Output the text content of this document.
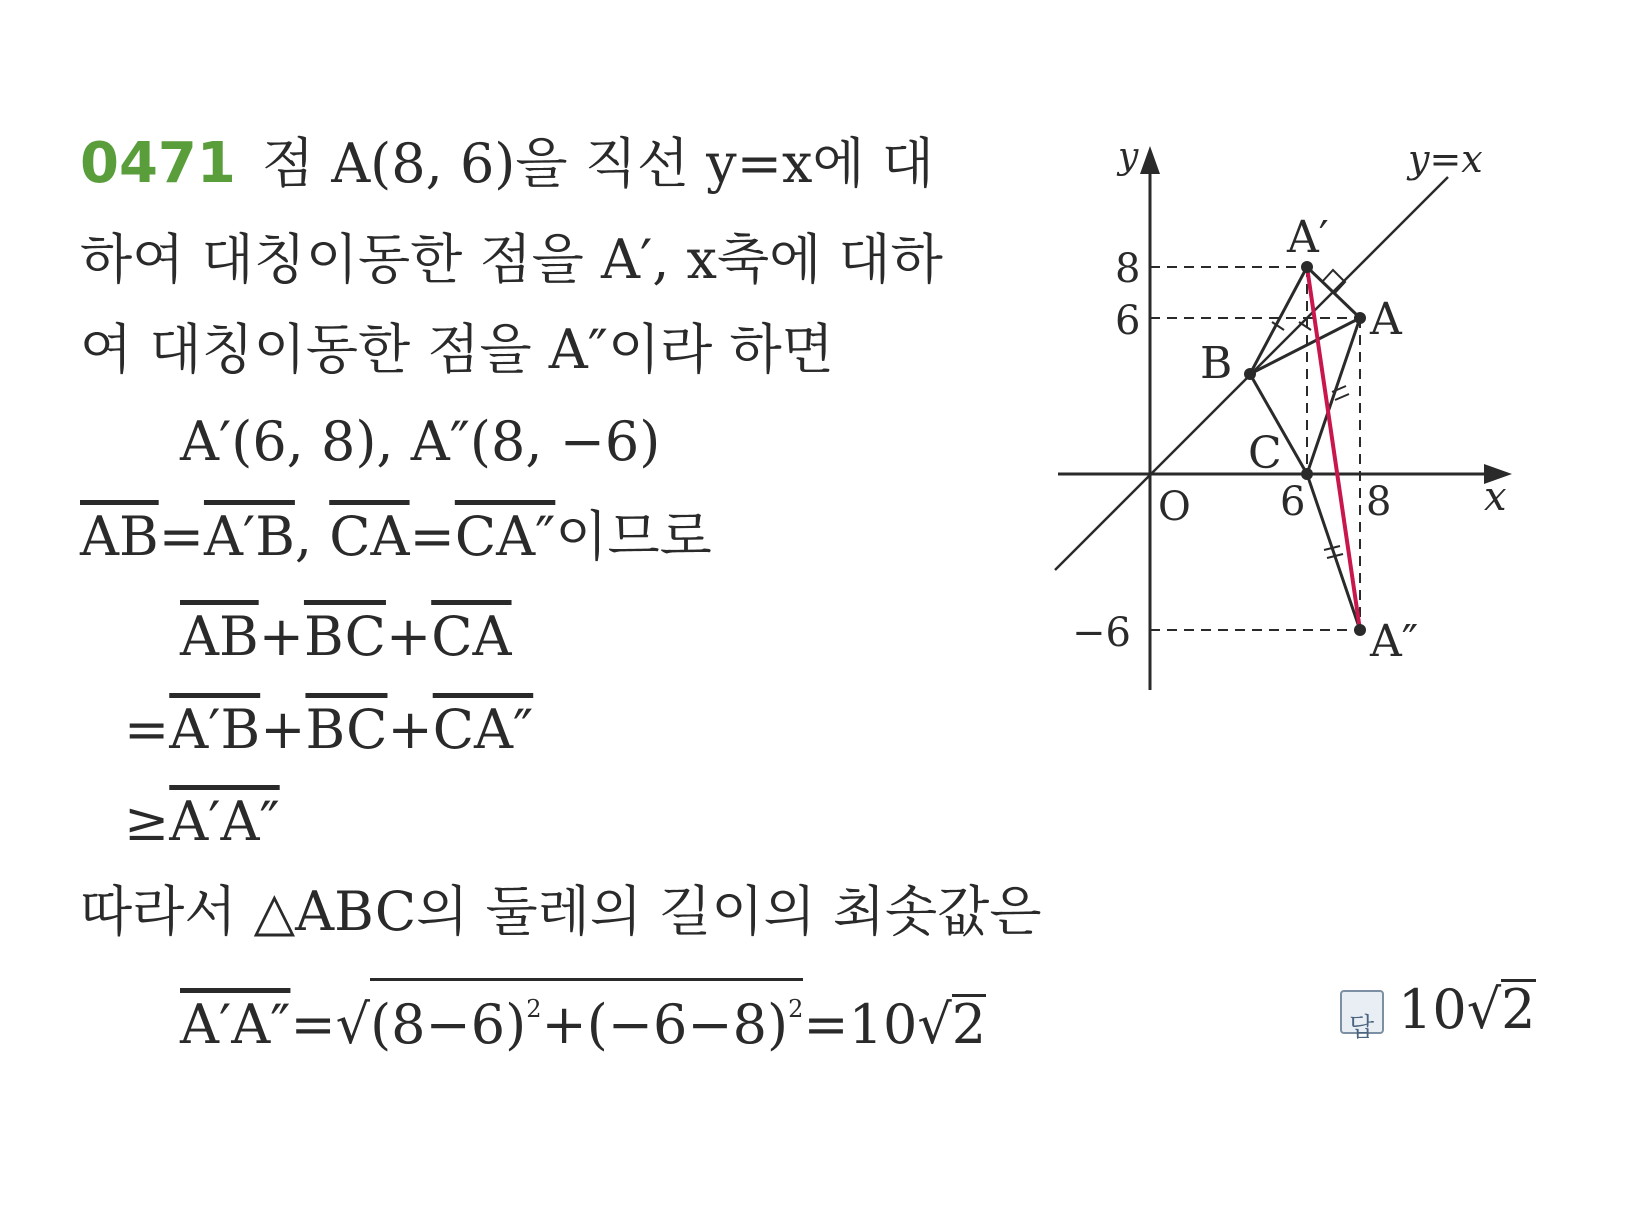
0471 점 A(8, 6)을 직선 y=x에 대
하여 대칭이동한 점을 A′, x축에 대하
여 대칭이동한 점을 A″이라 하면
A′(6, 8), A″(8, −6)
$\overline{AB}=A'B$, $\overline{CA}=CA''$이므로
$\overline{AB}+\overline{BC}+\overline{CA}$
$=A'B+\overline{BC}+CA''$
≥A′A″
따라서 △ABC의 둘레의 길이의 최솟값은
$A'A''=√(8-6)^2+(-6-8)^2=10√2$	답 10√2
y
x
y=x
O
8
6
−6
6 8
A′
A
B
C
A″
